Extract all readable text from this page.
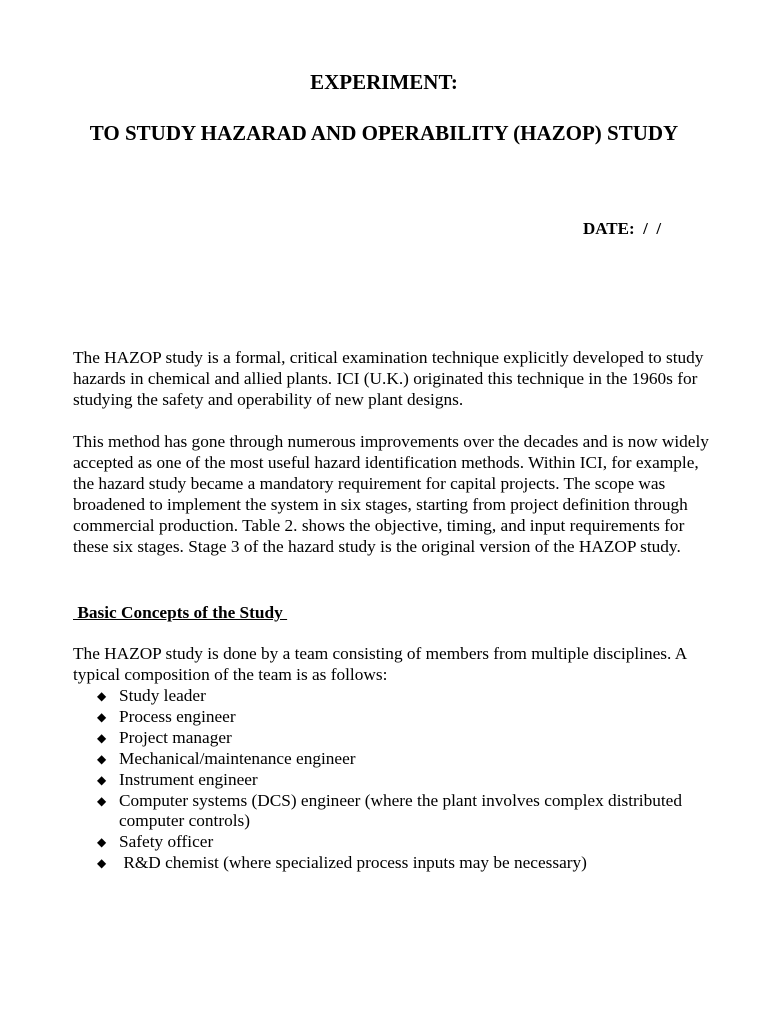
EXPERIMENT:
TO STUDY HAZARAD AND OPERABILITY (HAZOP) STUDY
DATE:  /  /

The HAZOP study is a formal, critical examination technique explicitly developed to study hazards in chemical and allied plants. ICI (U.K.) originated this technique in the 1960s for studying the safety and operability of new plant designs.

This method has gone through numerous improvements over the decades and is now widely accepted as one of the most useful hazard identification methods. Within ICI, for example, the hazard study became a mandatory requirement for capital projects. The scope was broadened to implement the system in six stages, starting from project definition through commercial production. Table 2. shows the objective, timing, and input requirements for these six stages. Stage 3 of the hazard study is the original version of the HAZOP study.

Basic Concepts of the Study

The HAZOP study is done by a team consisting of members from multiple disciplines. A typical composition of the team is as follows:

◆ Study leader
◆ Process engineer
◆ Project manager
◆ Mechanical/maintenance engineer
◆ Instrument engineer
◆ Computer systems (DCS) engineer (where the plant involves complex distributed computer controls)
◆ Safety officer
◆ R&D chemist (where specialized process inputs may be necessary)
